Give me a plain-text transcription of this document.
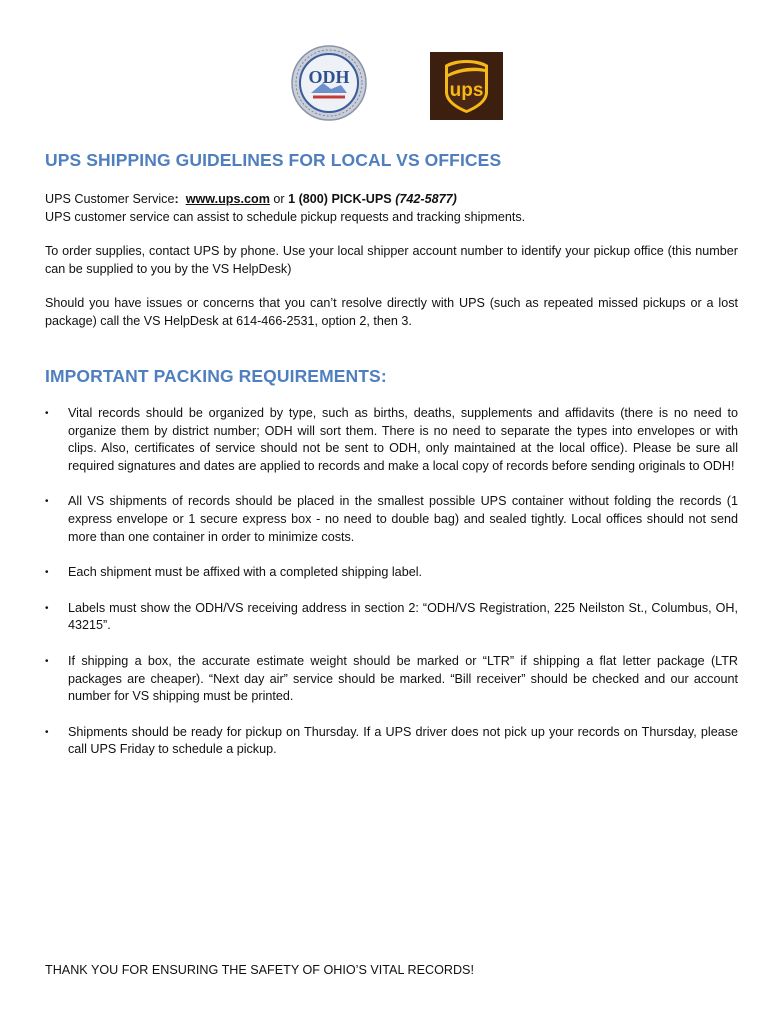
ODH
ups
UPS SHIPPING GUIDELINES FOR LOCAL VS OFFICES

UPS Customer Service: www.ups.com or 1 (800) PICK-UPS (742-5877)
UPS customer service can assist to schedule pickup requests and tracking shipments.

To order supplies, contact UPS by phone. Use your local shipper account number to identify your pickup office (this number can be supplied to you by the VS HelpDesk)

Should you have issues or concerns that you can’t resolve directly with UPS (such as repeated missed pickups or a lost package) call the VS HelpDesk at 614-466-2531, option 2, then 3.

IMPORTANT PACKING REQUIREMENTS:
• Vital records should be organized by type, such as births, deaths, supplements and affidavits (there is no need to organize them by district number; ODH will sort them. There is no need to separate the types into envelopes or with clips. Also, certificates of service should not be sent to ODH, only maintained at the local office). Please be sure all required signatures and dates are applied to records and make a local copy of records before sending originals to ODH!
• All VS shipments of records should be placed in the smallest possible UPS container without folding the records (1 express envelope or 1 secure express box - no need to double bag) and sealed tightly. Local offices should not send more than one container in order to minimize costs.
• Each shipment must be affixed with a completed shipping label.
• Labels must show the ODH/VS receiving address in section 2: “ODH/VS Registration, 225 Neilston St., Columbus, OH, 43215”.
• If shipping a box, the accurate estimate weight should be marked or “LTR” if shipping a flat letter package (LTR packages are cheaper). “Next day air” service should be marked. “Bill receiver” should be checked and our account number for VS shipping must be printed.
• Shipments should be ready for pickup on Thursday. If a UPS driver does not pick up your records on Thursday, please call UPS Friday to schedule a pickup.

THANK YOU FOR ENSURING THE SAFETY OF OHIO’S VITAL RECORDS!
